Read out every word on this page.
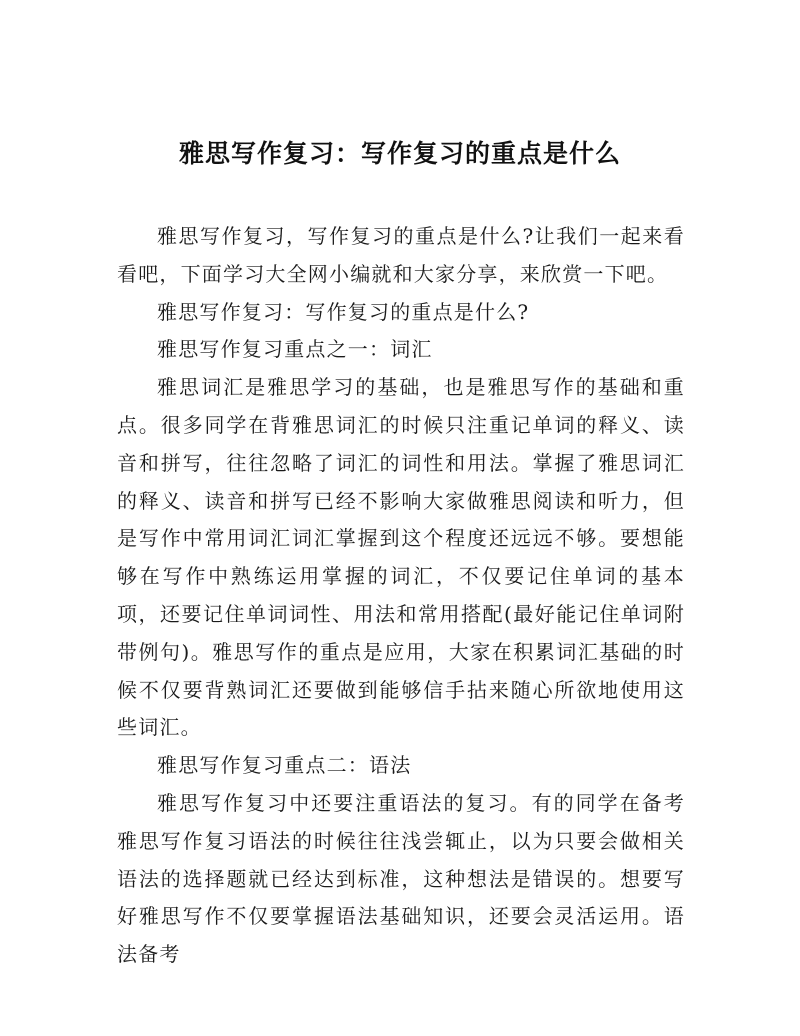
雅思写作复习：写作复习的重点是什么

雅思写作复习，写作复习的重点是什么?让我们一起来看看吧，下面学习大全网小编就和大家分享，来欣赏一下吧。

雅思写作复习：写作复习的重点是什么?

雅思写作复习重点之一：词汇

雅思词汇是雅思学习的基础，也是雅思写作的基础和重点。很多同学在背雅思词汇的时候只注重记单词的释义、读音和拼写，往往忽略了词汇的词性和用法。掌握了雅思词汇的释义、读音和拼写已经不影响大家做雅思阅读和听力，但是写作中常用词汇词汇掌握到这个程度还远远不够。要想能够在写作中熟练运用掌握的词汇，不仅要记住单词的基本项，还要记住单词词性、用法和常用搭配(最好能记住单词附带例句)。雅思写作的重点是应用，大家在积累词汇基础的时候不仅要背熟词汇还要做到能够信手拈来随心所欲地使用这些词汇。

雅思写作复习重点二：语法

雅思写作复习中还要注重语法的复习。有的同学在备考雅思写作复习语法的时候往往浅尝辄止，以为只要会做相关语法的选择题就已经达到标准，这种想法是错误的。想要写好雅思写作不仅要掌握语法基础知识，还要会灵活运用。语法备考
